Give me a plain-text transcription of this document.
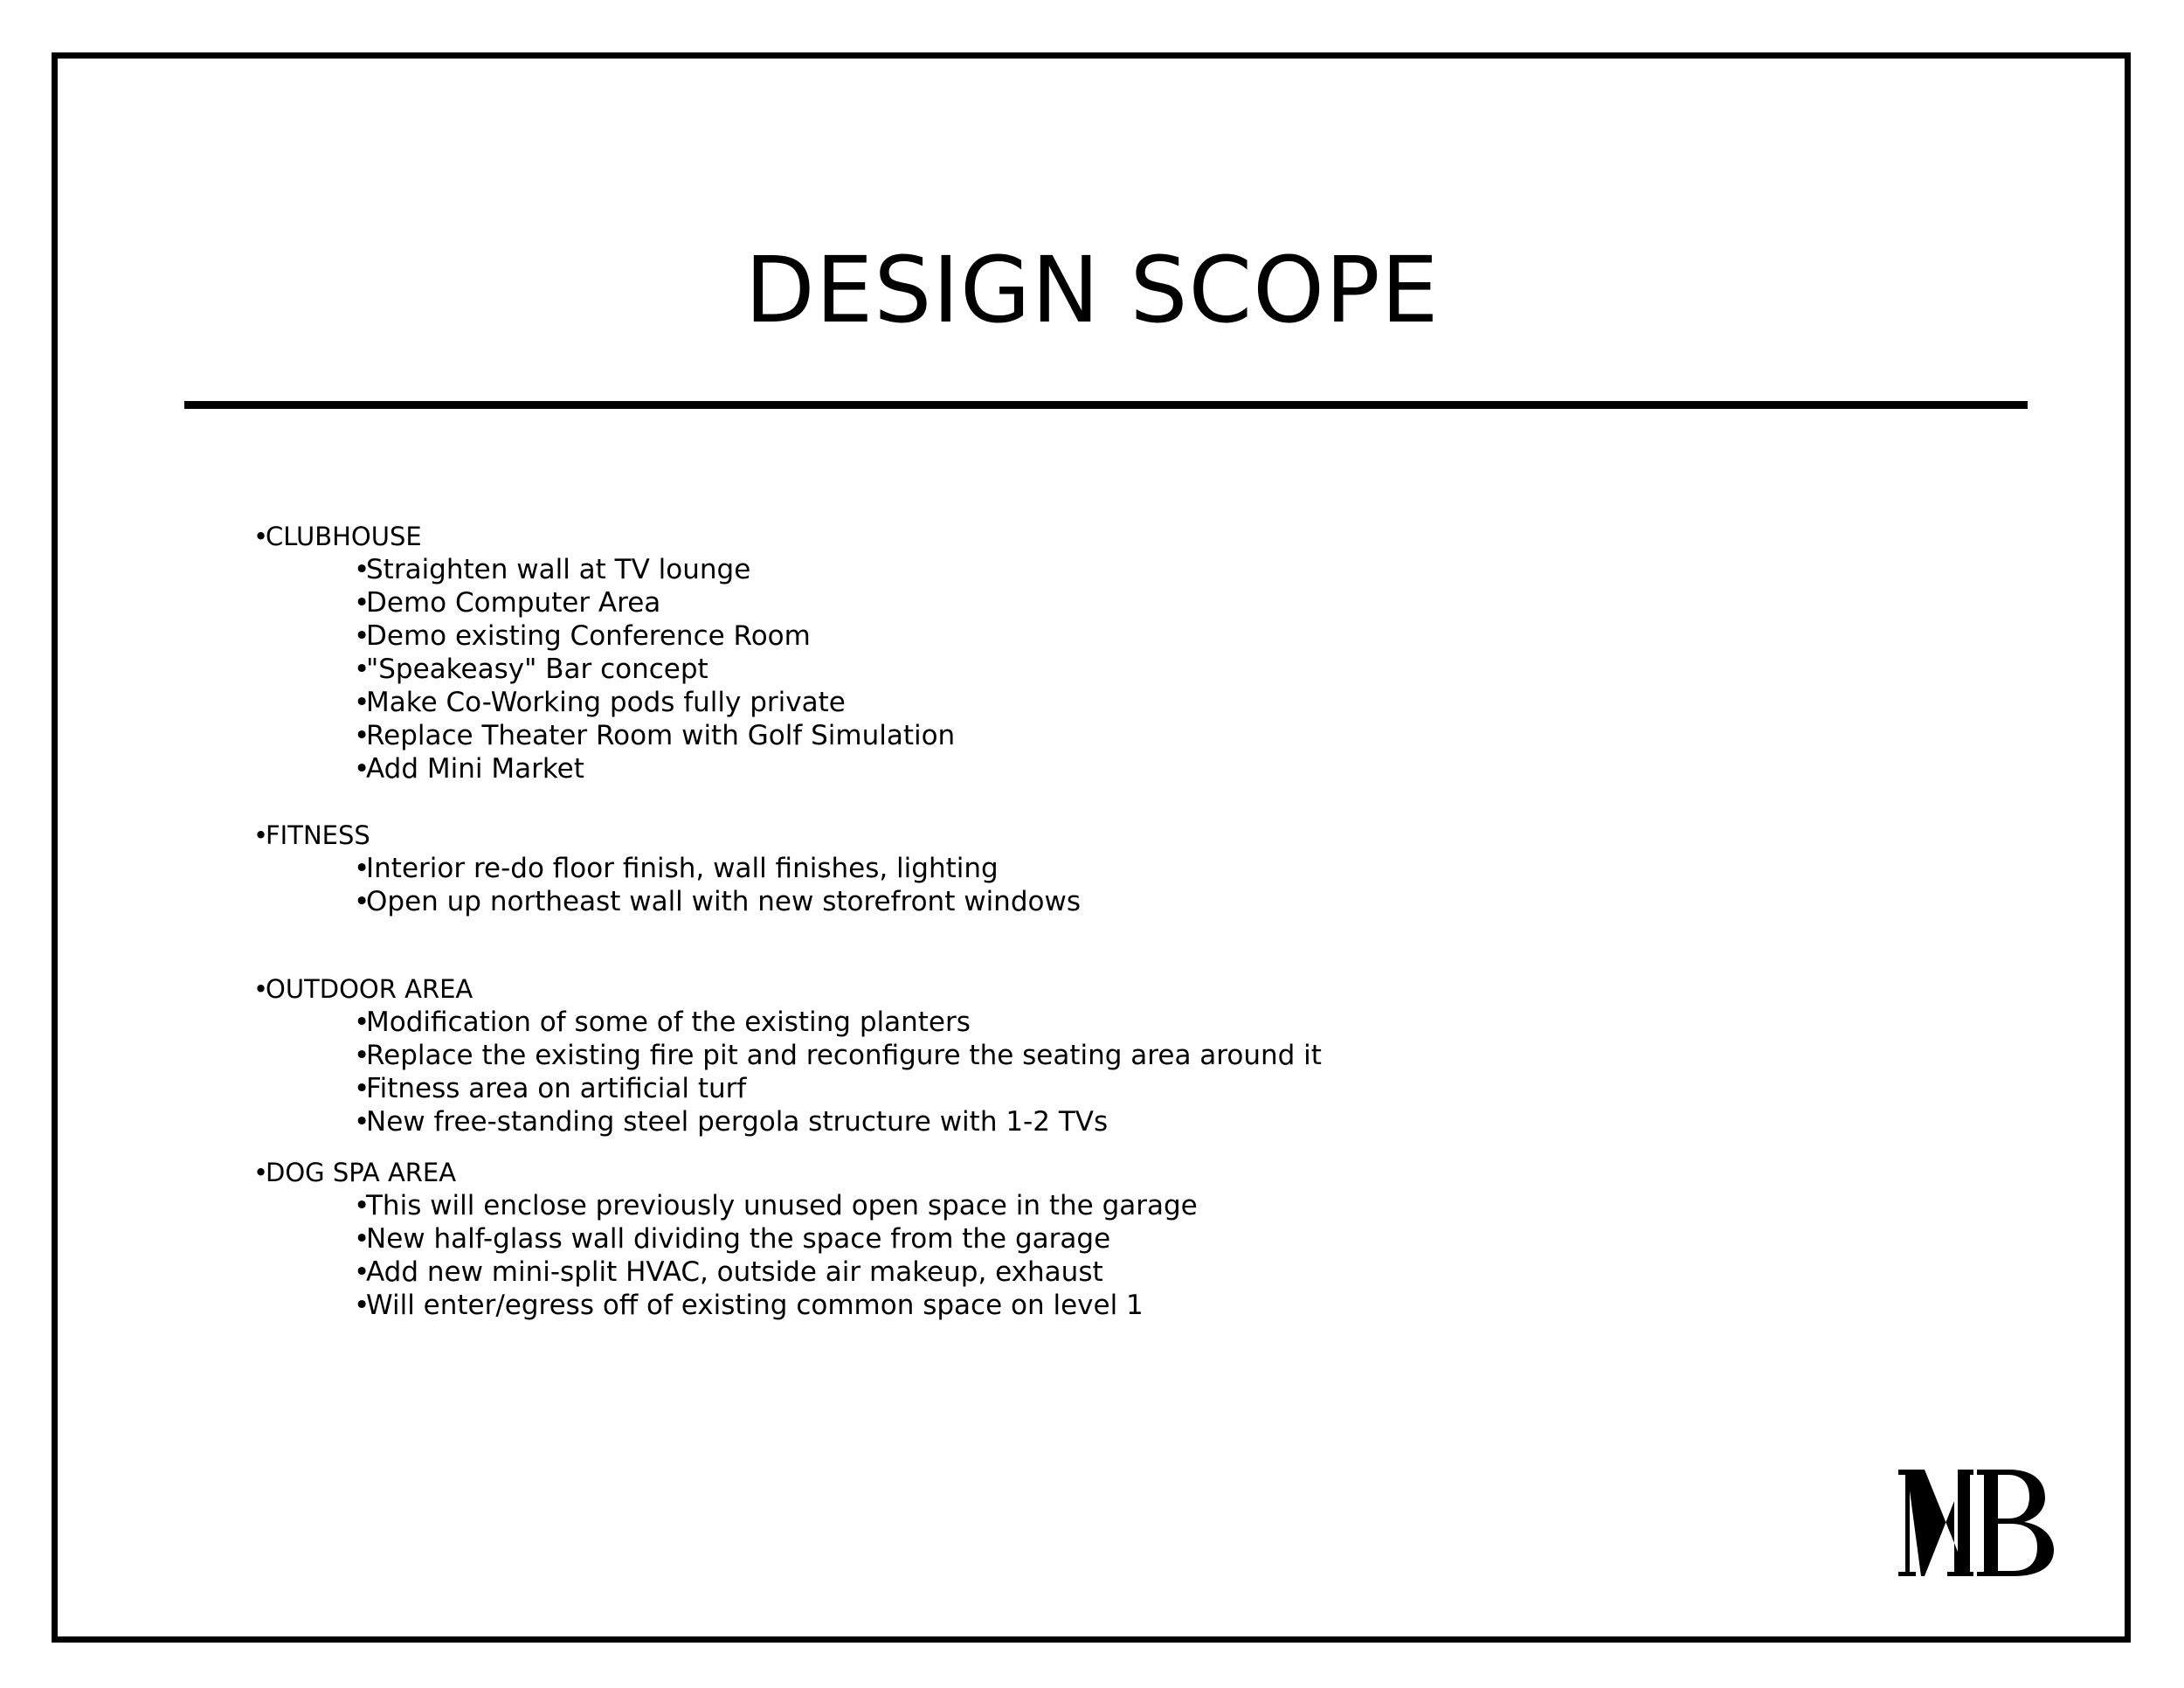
DESIGN SCOPE
•CLUBHOUSE
•Straighten wall at TV lounge
•Demo Computer Area
•Demo existing Conference Room
•"Speakeasy" Bar concept
•Make Co-Working pods fully private
•Replace Theater Room with Golf Simulation
•Add Mini Market
•FITNESS
•Interior re-do floor finish, wall finishes, lighting
•Open up northeast wall with new storefront windows
•OUTDOOR AREA
•Modification of some of the existing planters
•Replace the existing fire pit and reconfigure the seating area around it
•Fitness area on artificial turf
•New free-standing steel pergola structure with 1-2 TVs
•DOG SPA AREA
•This will enclose previously unused open space in the garage
•New half-glass wall dividing the space from the garage
•Add new mini-split HVAC, outside air makeup, exhaust
•Will enter/egress off of existing common space on level 1
